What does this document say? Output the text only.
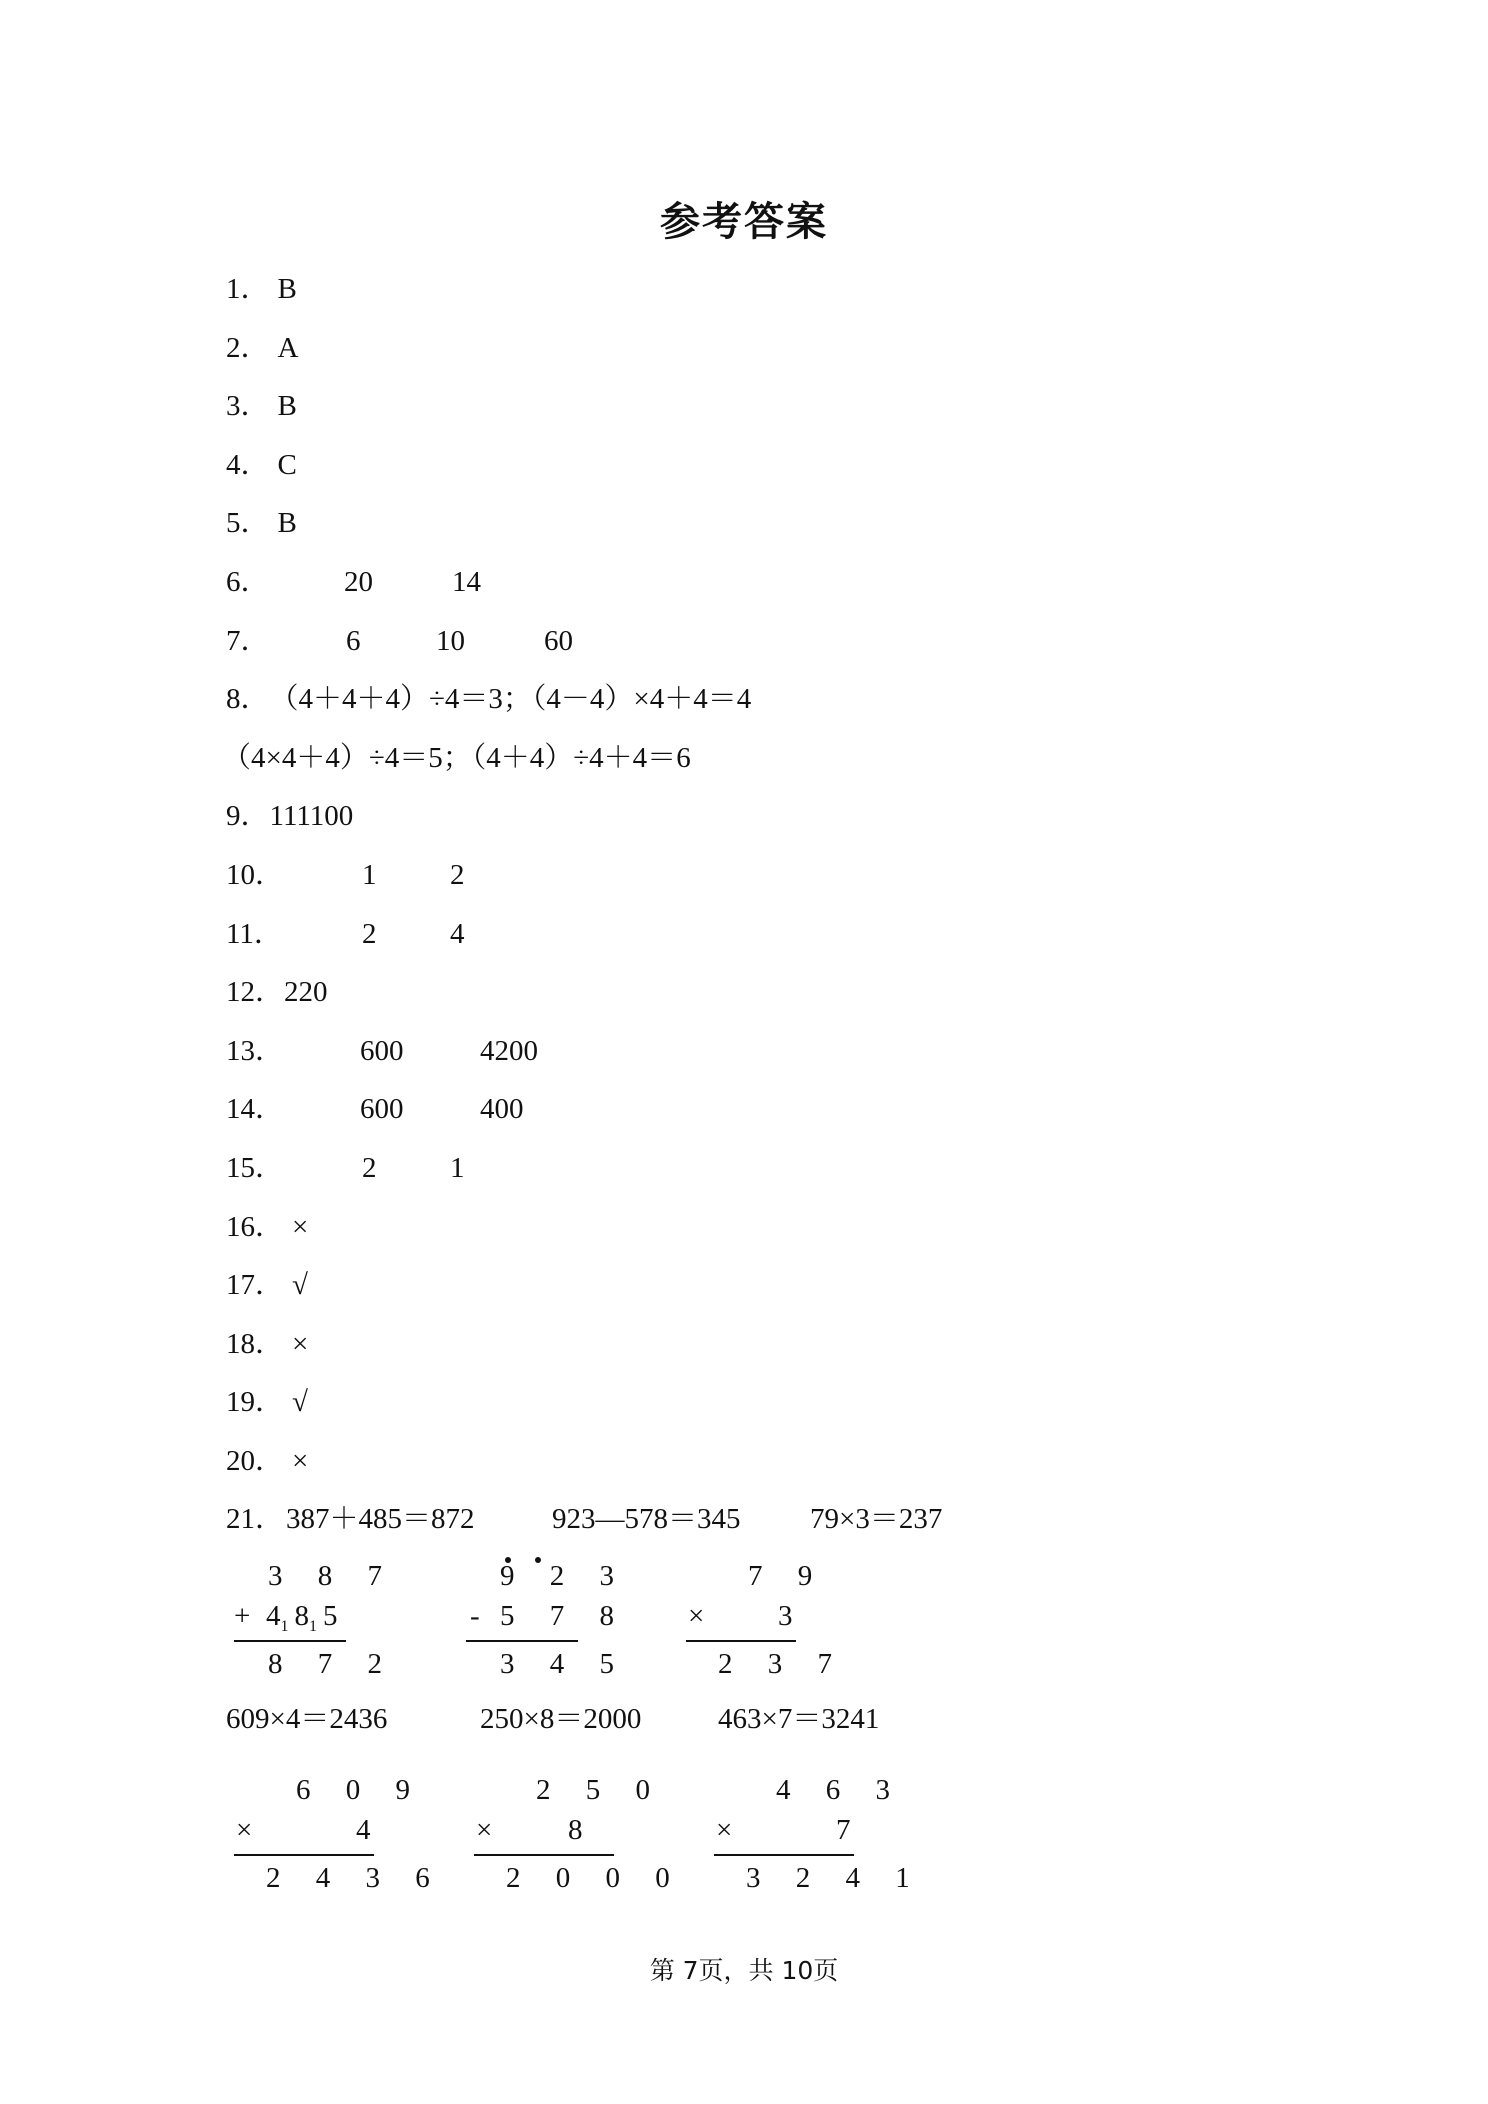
参考答案
1． B
2． A
3． B
4． C
5． B
6．	20	14
7．	6	10	60
8．（4＋4＋4）÷4＝3；（4－4）×4＋4＝4
（4×4＋4）÷4＝5；（4＋4）÷4＋4＝6
9．111100
10．	1	2
11．	2	4
12．220
13．	600	4200
14．	600	400
15．	2	1
16． ×
17． √
18． ×
19． √
20． ×
21． 387＋485＝872	923—578＝345 79×3＝237
3 8 7
+ $4_1$ $8_1$ 5
8 7 2
9 2 3
- 5 7 8
3 4 5
7 9
×	3
2 3 7
609×4＝2436	250×8＝2000	463×7＝3241
6 0 9
×	4
2 4 3 6
2 5 0
×	8
2 0 0 0
4 6 3
×	7
3 2 4 1
第 7页，共 10页
